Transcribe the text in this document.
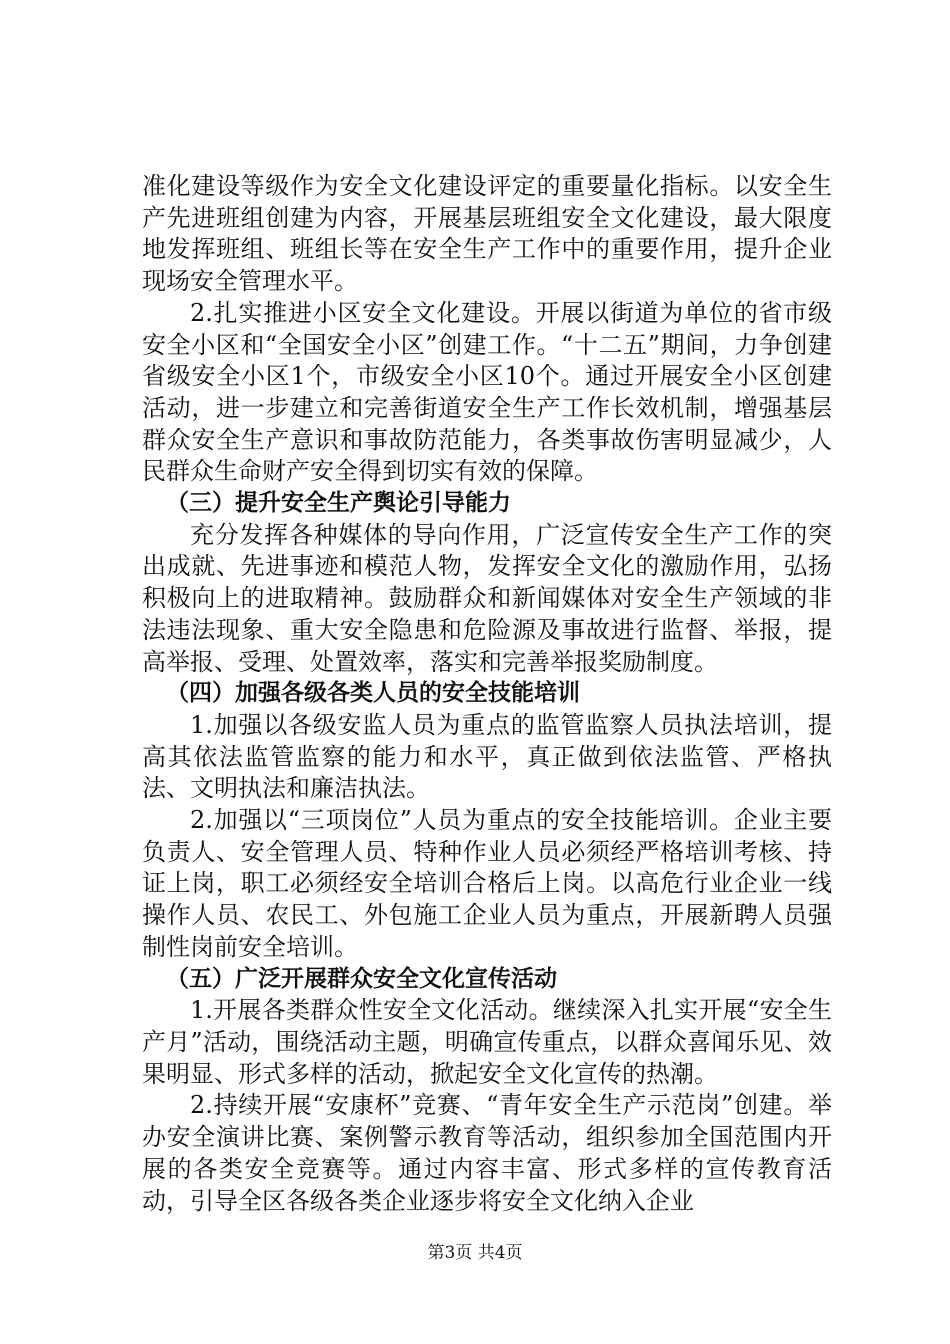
准化建设等级作为安全文化建设评定的重要量化指标。以安全生产先进班组创建为内容，开展基层班组安全文化建设，最大限度地发挥班组、班组长等在安全生产工作中的重要作用，提升企业现场安全管理水平。

2.扎实推进小区安全文化建设。开展以街道为单位的省市级安全小区和“全国安全小区”创建工作。“十二五”期间，力争创建省级安全小区1个，市级安全小区10个。通过开展安全小区创建活动，进一步建立和完善街道安全生产工作长效机制，增强基层群众安全生产意识和事故防范能力，各类事故伤害明显减少，人民群众生命财产安全得到切实有效的保障。

（三）提升安全生产舆论引导能力

充分发挥各种媒体的导向作用，广泛宣传安全生产工作的突出成就、先进事迹和模范人物，发挥安全文化的激励作用，弘扬积极向上的进取精神。鼓励群众和新闻媒体对安全生产领域的非法违法现象、重大安全隐患和危险源及事故进行监督、举报，提高举报、受理、处置效率，落实和完善举报奖励制度。

（四）加强各级各类人员的安全技能培训

1.加强以各级安监人员为重点的监管监察人员执法培训，提高其依法监管监察的能力和水平，真正做到依法监管、严格执法、文明执法和廉洁执法。

2.加强以“三项岗位”人员为重点的安全技能培训。企业主要负责人、安全管理人员、特种作业人员必须经严格培训考核、持证上岗，职工必须经安全培训合格后上岗。以高危行业企业一线操作人员、农民工、外包施工企业人员为重点，开展新聘人员强制性岗前安全培训。

（五）广泛开展群众安全文化宣传活动

1.开展各类群众性安全文化活动。继续深入扎实开展“安全生产月”活动，围绕活动主题，明确宣传重点，以群众喜闻乐见、效果明显、形式多样的活动，掀起安全文化宣传的热潮。

2.持续开展“安康杯”竞赛、“青年安全生产示范岗”创建。举办安全演讲比赛、案例警示教育等活动，组织参加全国范围内开展的各类安全竞赛等。通过内容丰富、形式多样的宣传教育活动，引导全区各级各类企业逐步将安全文化纳入企业

第3页 共4页
